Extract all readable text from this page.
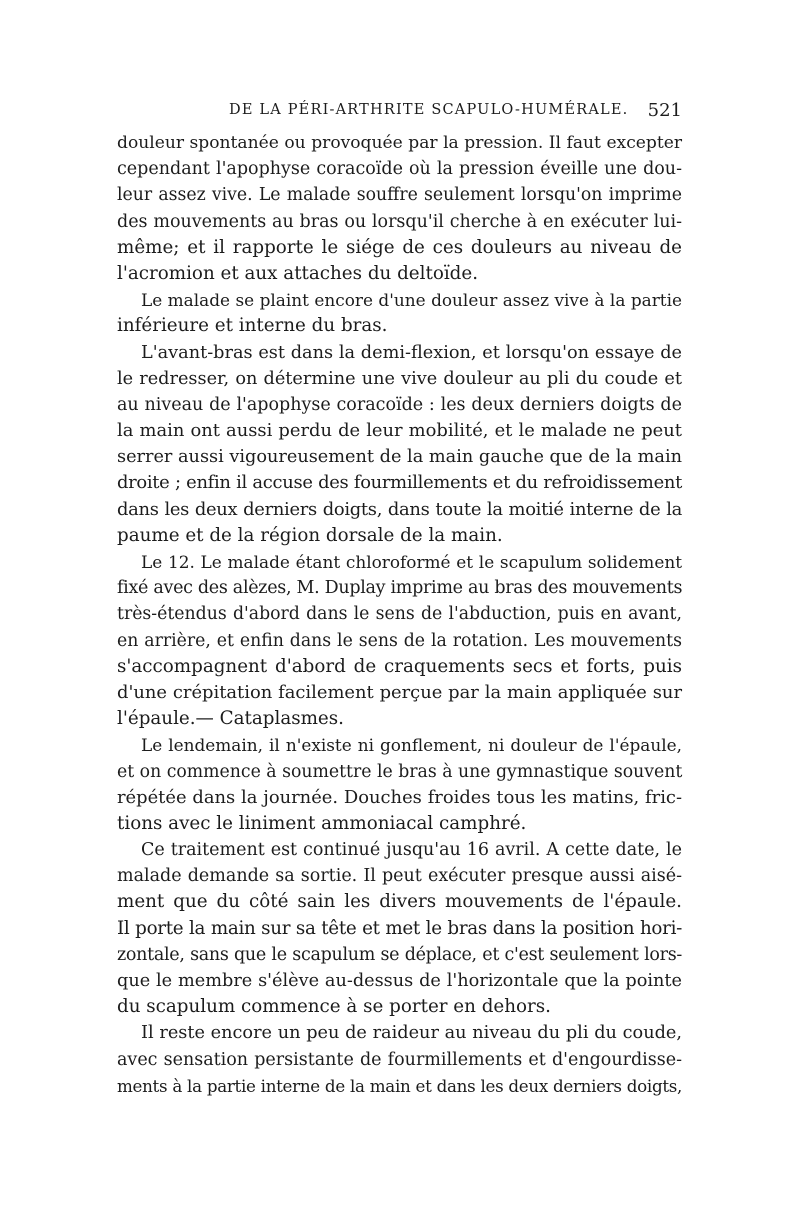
DE LA PÉRI-ARTHRITE SCAPULO-HUMÉRALE. 521
douleur spontanée ou provoquée par la pression. Il faut excepter
cependant l'apophyse coracoïde où la pression éveille une dou-
leur assez vive. Le malade souffre seulement lorsqu'on imprime
des mouvements au bras ou lorsqu'il cherche à en exécuter lui-
même; et il rapporte le siége de ces douleurs au niveau de
l'acromion et aux attaches du deltoïde.
Le malade se plaint encore d'une douleur assez vive à la partie
inférieure et interne du bras.
L'avant-bras est dans la demi-flexion, et lorsqu'on essaye de
le redresser, on détermine une vive douleur au pli du coude et
au niveau de l'apophyse coracoïde : les deux derniers doigts de
la main ont aussi perdu de leur mobilité, et le malade ne peut
serrer aussi vigoureusement de la main gauche que de la main
droite ; enfin il accuse des fourmillements et du refroidissement
dans les deux derniers doigts, dans toute la moitié interne de la
paume et de la région dorsale de la main.
Le 12. Le malade étant chloroformé et le scapulum solidement
fixé avec des alèzes, M. Duplay imprime au bras des mouvements
très-étendus d'abord dans le sens de l'abduction, puis en avant,
en arrière, et enfin dans le sens de la rotation. Les mouvements
s'accompagnent d'abord de craquements secs et forts, puis
d'une crépitation facilement perçue par la main appliquée sur
l'épaule.— Cataplasmes.
Le lendemain, il n'existe ni gonflement, ni douleur de l'épaule,
et on commence à soumettre le bras à une gymnastique souvent
répétée dans la journée. Douches froides tous les matins, fric-
tions avec le liniment ammoniacal camphré.
Ce traitement est continué jusqu'au 16 avril. A cette date, le
malade demande sa sortie. Il peut exécuter presque aussi aisé-
ment que du côté sain les divers mouvements de l'épaule.
Il porte la main sur sa tête et met le bras dans la position hori-
zontale, sans que le scapulum se déplace, et c'est seulement lors-
que le membre s'élève au-dessus de l'horizontale que la pointe
du scapulum commence à se porter en dehors.
Il reste encore un peu de raideur au niveau du pli du coude,
avec sensation persistante de fourmillements et d'engourdisse-
ments à la partie interne de la main et dans les deux derniers doigts,
